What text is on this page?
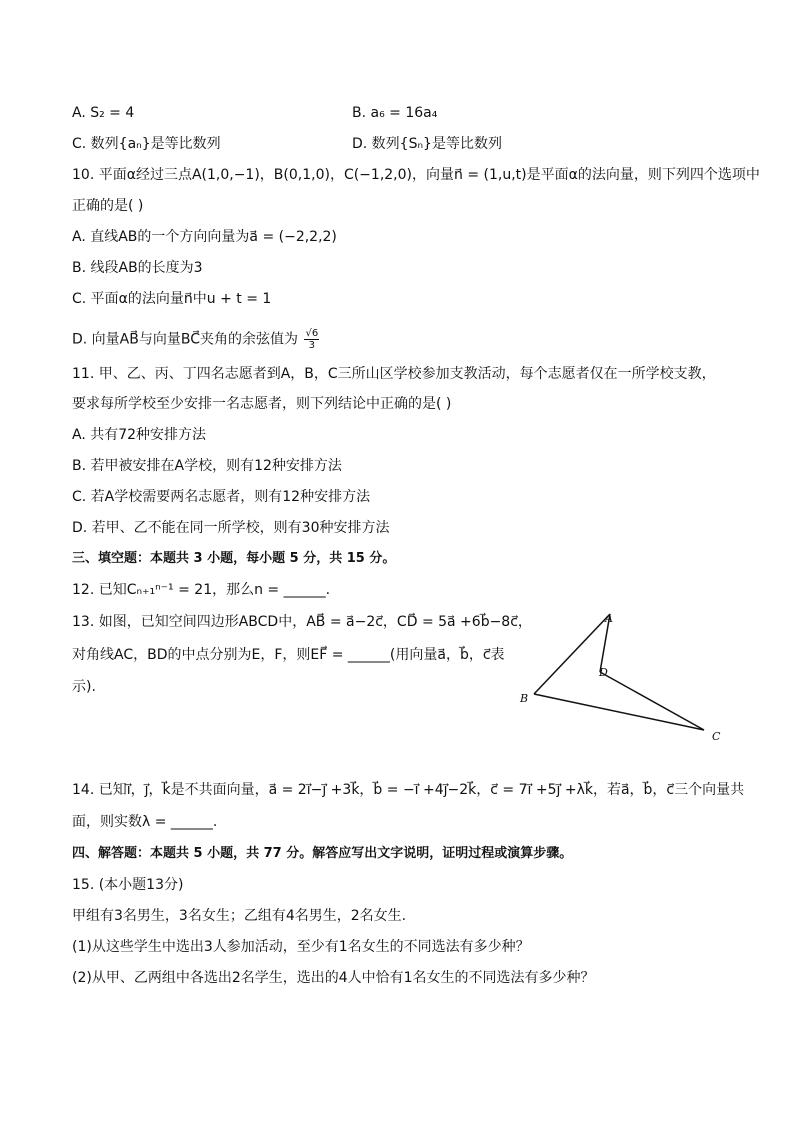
A. S₂ = 4	B. a₆ = 16a₄
C. 数列{aₙ}是等比数列	D. 数列{Sₙ}是等比数列
10. 平面α经过三点A(1,0,−1)，B(0,1,0)，C(−1,2,0)，向量n⃗ = (1,u,t)是平面α的法向量，则下列四个选项中
正确的是( )
A. 直线AB的一个方向向量为a⃗ = (−2,2,2)
B. 线段AB的长度为3
C. 平面α的法向量n⃗中u + t = 1
D. 向量AB⃗与向量BC⃗夹角的余弦值为 $\frac{√6}{3}$
11. 甲、乙、丙、丁四名志愿者到A，B，C三所山区学校参加支教活动，每个志愿者仅在一所学校支教，
要求每所学校至少安排一名志愿者，则下列结论中正确的是( )
A. 共有72种安排方法
B. 若甲被安排在A学校，则有12种安排方法
C. 若A学校需要两名志愿者，则有12种安排方法
D. 若甲、乙不能在同一所学校，则有30种安排方法
三、填空题：本题共 3 小题，每小题 5 分，共 15 分。
12. 已知Cₙ₊₁ⁿ⁻¹ = 21，那么n = ______.
13. 如图，已知空间四边形ABCD中，AB⃗ = a⃗−2c⃗，CD⃗ = 5a⃗ +6b⃗−8c⃗，
对角线AC，BD的中点分别为E，F，则EF⃗ = ______(用向量a⃗，b⃗，c⃗表
示).
A
B
C
D
14. 已知i⃗，j⃗，k⃗是不共面向量，a⃗ = 2i⃗−j⃗ +3k⃗，b⃗ = −i⃗ +4j⃗−2k⃗，c⃗ = 7i⃗ +5j⃗ +λk⃗，若a⃗，b⃗，c⃗三个向量共
面，则实数λ = ______.
四、解答题：本题共 5 小题，共 77 分。解答应写出文字说明，证明过程或演算步骤。
15. (本小题13分)
甲组有3名男生，3名女生；乙组有4名男生，2名女生.
(1)从这些学生中选出3人参加活动，至少有1名女生的不同选法有多少种？
(2)从甲、乙两组中各选出2名学生，选出的4人中恰有1名女生的不同选法有多少种？
